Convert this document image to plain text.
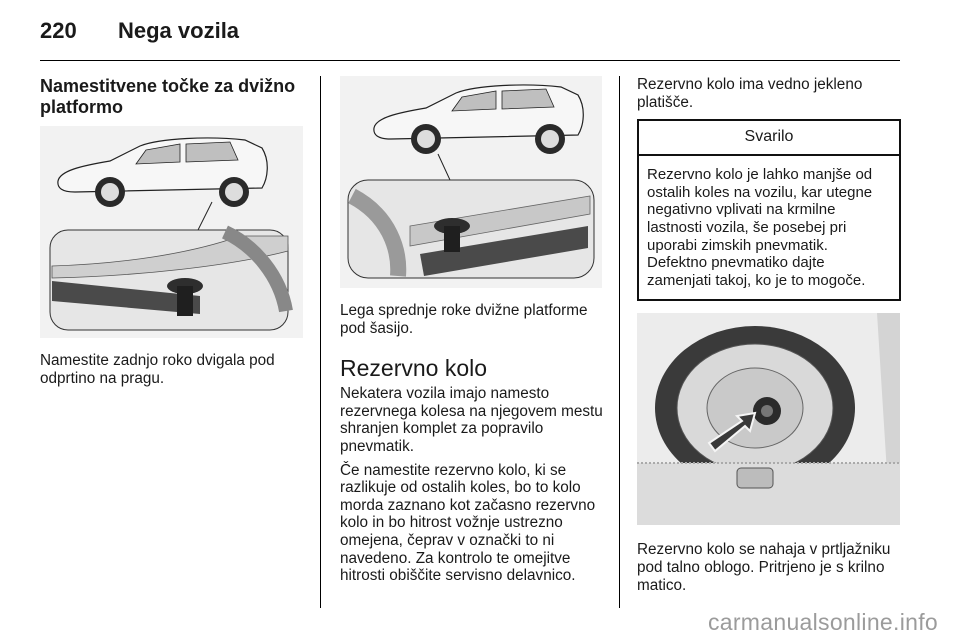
220	Nega vozila
Namestitvene točke za dvižno platformo

Namestite zadnjo roko dvigala pod odprtino na pragu.

Lega sprednje roke dvižne platforme pod šasijo.

Rezervno kolo

Nekatera vozila imajo namesto rezervnega kolesa na njegovem mestu shranjen komplet za popravilo pnevmatik.

Če namestite rezervno kolo, ki se razlikuje od ostalih koles, bo to kolo morda zaznano kot začasno rezervno kolo in bo hitrost vožnje ustrezno omejena, čeprav v označki to ni navedeno. Za kontrolo te omejitve hitrosti obiščite servisno delavnico.

Rezervno kolo ima vedno jekleno platišče.

Svarilo
Rezervno kolo je lahko manjše od ostalih koles na vozilu, kar utegne negativno vplivati na krmilne lastnosti vozila, še posebej pri uporabi zimskih pnevmatik. Defektno pnevmatiko dajte zamenjati takoj, ko je to mogoče.

Rezervno kolo se nahaja v prtljažniku pod talno oblogo. Pritrjeno je s krilno matico.

carmanualsonline.info
